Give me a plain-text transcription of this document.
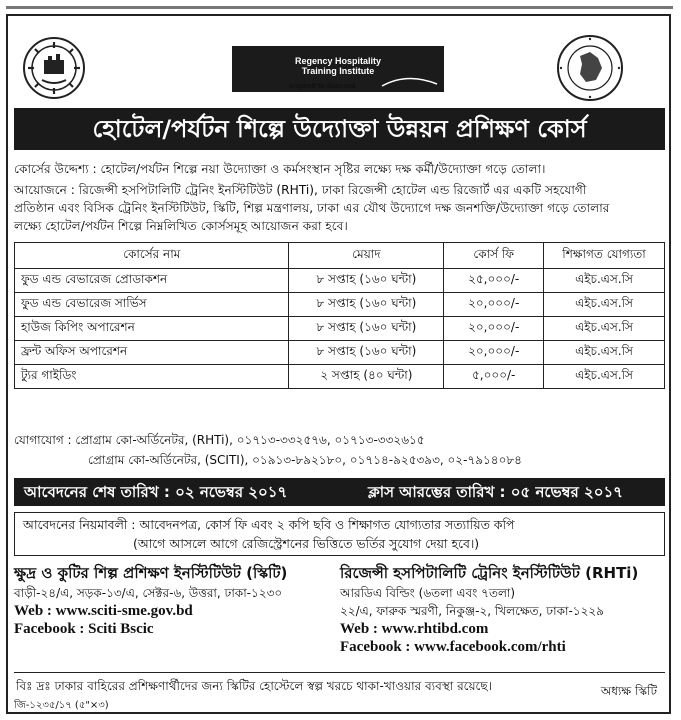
Regency Hospitality
Training Institute
Inspired to Succeed
হোটেল/পর্যটন শিল্পে উদ্যোক্তা উন্নয়ন প্রশিক্ষণ কোর্স
কোর্সের উদ্দেশ্য : হোটেল/পর্যটন শিল্পে নয়া উদ্যোক্তা ও কর্মসংস্থান সৃষ্টির লক্ষ্যে দক্ষ কর্মী/উদ্যোক্তা গড়ে তোলা।
আয়োজনে : রিজেন্সী হসপিটালিটি ট্রেনিং ইনস্টিটিউট (RHTi), ঢাকা রিজেন্সী হোটেল এন্ড রিজোর্ট এর একটি সহযোগী
প্রতিষ্ঠান এবং বিসিক ট্রেনিং ইনস্টিটিউট, স্কিটি, শিল্প মন্ত্রণালয়, ঢাকা এর যৌথ উদ্যোগে দক্ষ জনশক্তি/উদ্যোক্তা গড়ে তোলার
লক্ষ্যে হোটেল/পর্যটন শিল্পে নিম্নলিখিত কোর্সসমূহ আয়োজন করা হবে।
কোর্সের নাম	মেয়াদ	কোর্স ফি	শিক্ষাগত যোগ্যতা
ফুড এন্ড বেভারেজ প্রোডাকশন	৮ সপ্তাহ (১৬০ ঘন্টা)	২৫,০০০/-	এইচ.এস.সি
ফুড এন্ড বেভারেজ সার্ভিস	৮ সপ্তাহ (১৬০ ঘন্টা)	২০,০০০/-	এইচ.এস.সি
হাউজ কিপিং অপারেশন	৮ সপ্তাহ (১৬০ ঘন্টা)	২০,০০০/-	এইচ.এস.সি
ফ্রন্ট অফিস অপারেশন	৮ সপ্তাহ (১৬০ ঘন্টা)	২০,০০০/-	এইচ.এস.সি
ট্যুর গাইডিং	২ সপ্তাহ (৪০ ঘন্টা)	৫,০০০/-	এইচ.এস.সি
যোগাযোগ : প্রোগ্রাম কো-অর্ডিনেটর, (RHTi), ০১৭১৩-৩৩২৫৭৬, ০১৭১৩-৩৩২৬১৫
প্রোগ্রাম কো-অর্ডিনেটর, (SCITI), ০১৯১৩-৮৯২১৮০, ০১৭১৪-৯২৫৩৯৩, ০২-৭৯১৪০৮৪
আবেদনের শেষ তারিখ : ০২ নভেম্বর ২০১৭	ক্লাস আরম্ভের তারিখ : ০৫ নভেম্বর ২০১৭
আবেদনের নিয়মাবলী : আবেদনপত্র, কোর্স ফি এবং ২ কপি ছবি ও শিক্ষাগত যোগ্যতার সত্যায়িত কপি
(আগে আসলে আগে রেজিস্ট্রেশনের ভিত্তিতে ভর্তির সুযোগ দেয়া হবে।)
ক্ষুদ্র ও কুটির শিল্প প্রশিক্ষণ ইনস্টিটিউট (স্কিটি)
বাড়ী-২৪/এ, সড়ক-১৩/এ, সেক্টর-৬, উত্তরা, ঢাকা-১২৩০
Web : www.sciti-sme.gov.bd
Facebook : Sciti Bscic
রিজেন্সী হসপিটালিটি ট্রেনিং ইনস্টিটিউট (RHTi)
আরডিএ বিল্ডিং (৬তলা এবং ৭তলা)
২২/এ, ফারুক স্মরণী, নিকুঞ্জ-২, খিলক্ষেত, ঢাকা-১২২৯
Web : www.rhtibd.com
Facebook : www.facebook.com/rhti
বিঃ দ্রঃ ঢাকার বাহিরের প্রশিক্ষণার্থীদের জন্য স্কিটির হোস্টেলে স্বল্প খরচে থাকা-খাওয়ার ব্যবস্থা রয়েছে।	অধ্যক্ষ স্কিটি
জি-১২৩৫/১৭ (৫"×৩)
